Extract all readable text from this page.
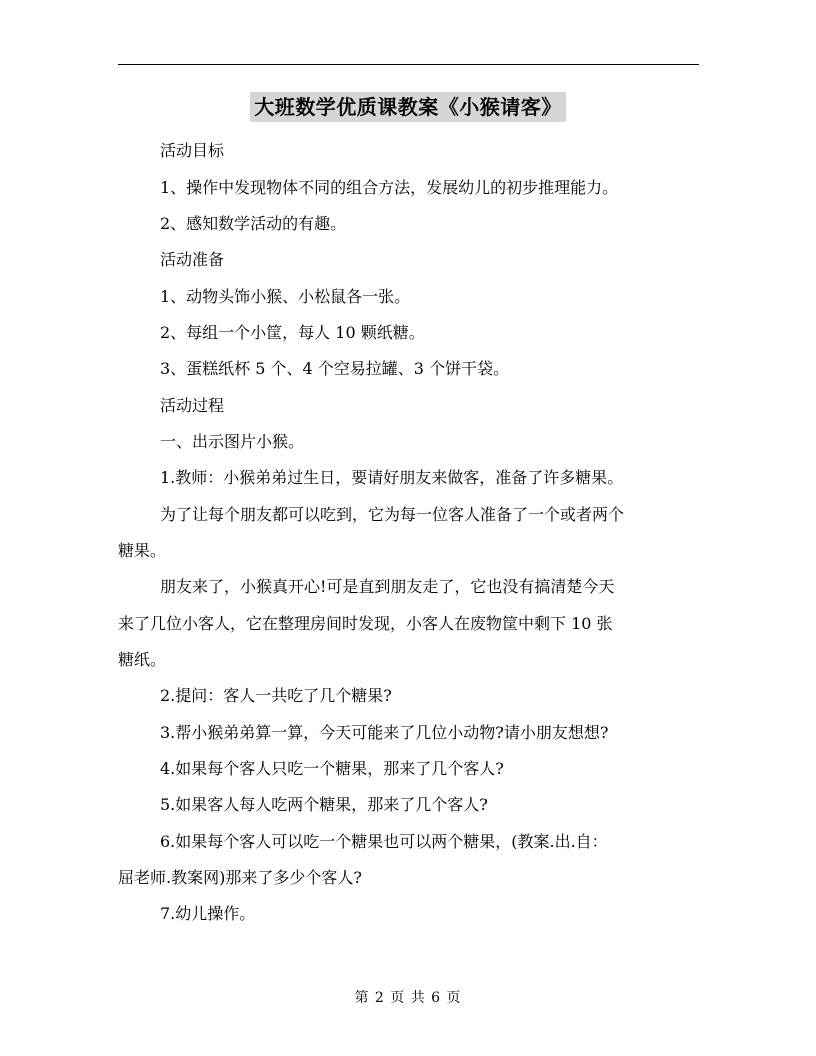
大班数学优质课教案《小猴请客》
活动目标
1、操作中发现物体不同的组合方法，发展幼儿的初步推理能力。
2、感知数学活动的有趣。
活动准备
1、动物头饰小猴、小松鼠各一张。
2、每组一个小筐，每人 10 颗纸糖。
3、蛋糕纸杯 5 个、4 个空易拉罐、3 个饼干袋。
活动过程
一、出示图片小猴。
1.教师：小猴弟弟过生日，要请好朋友来做客，准备了许多糖果。
为了让每个朋友都可以吃到，它为每一位客人准备了一个或者两个
糖果。
朋友来了，小猴真开心!可是直到朋友走了，它也没有搞清楚今天
来了几位小客人，它在整理房间时发现，小客人在废物筐中剩下 10 张
糖纸。
2.提问：客人一共吃了几个糖果?
3.帮小猴弟弟算一算，今天可能来了几位小动物?请小朋友想想?
4.如果每个客人只吃一个糖果，那来了几个客人?
5.如果客人每人吃两个糖果，那来了几个客人?
6.如果每个客人可以吃一个糖果也可以两个糖果，(教案.出.自：
屈老师.教案网)那来了多少个客人?
7.幼儿操作。
第 2 页 共 6 页
